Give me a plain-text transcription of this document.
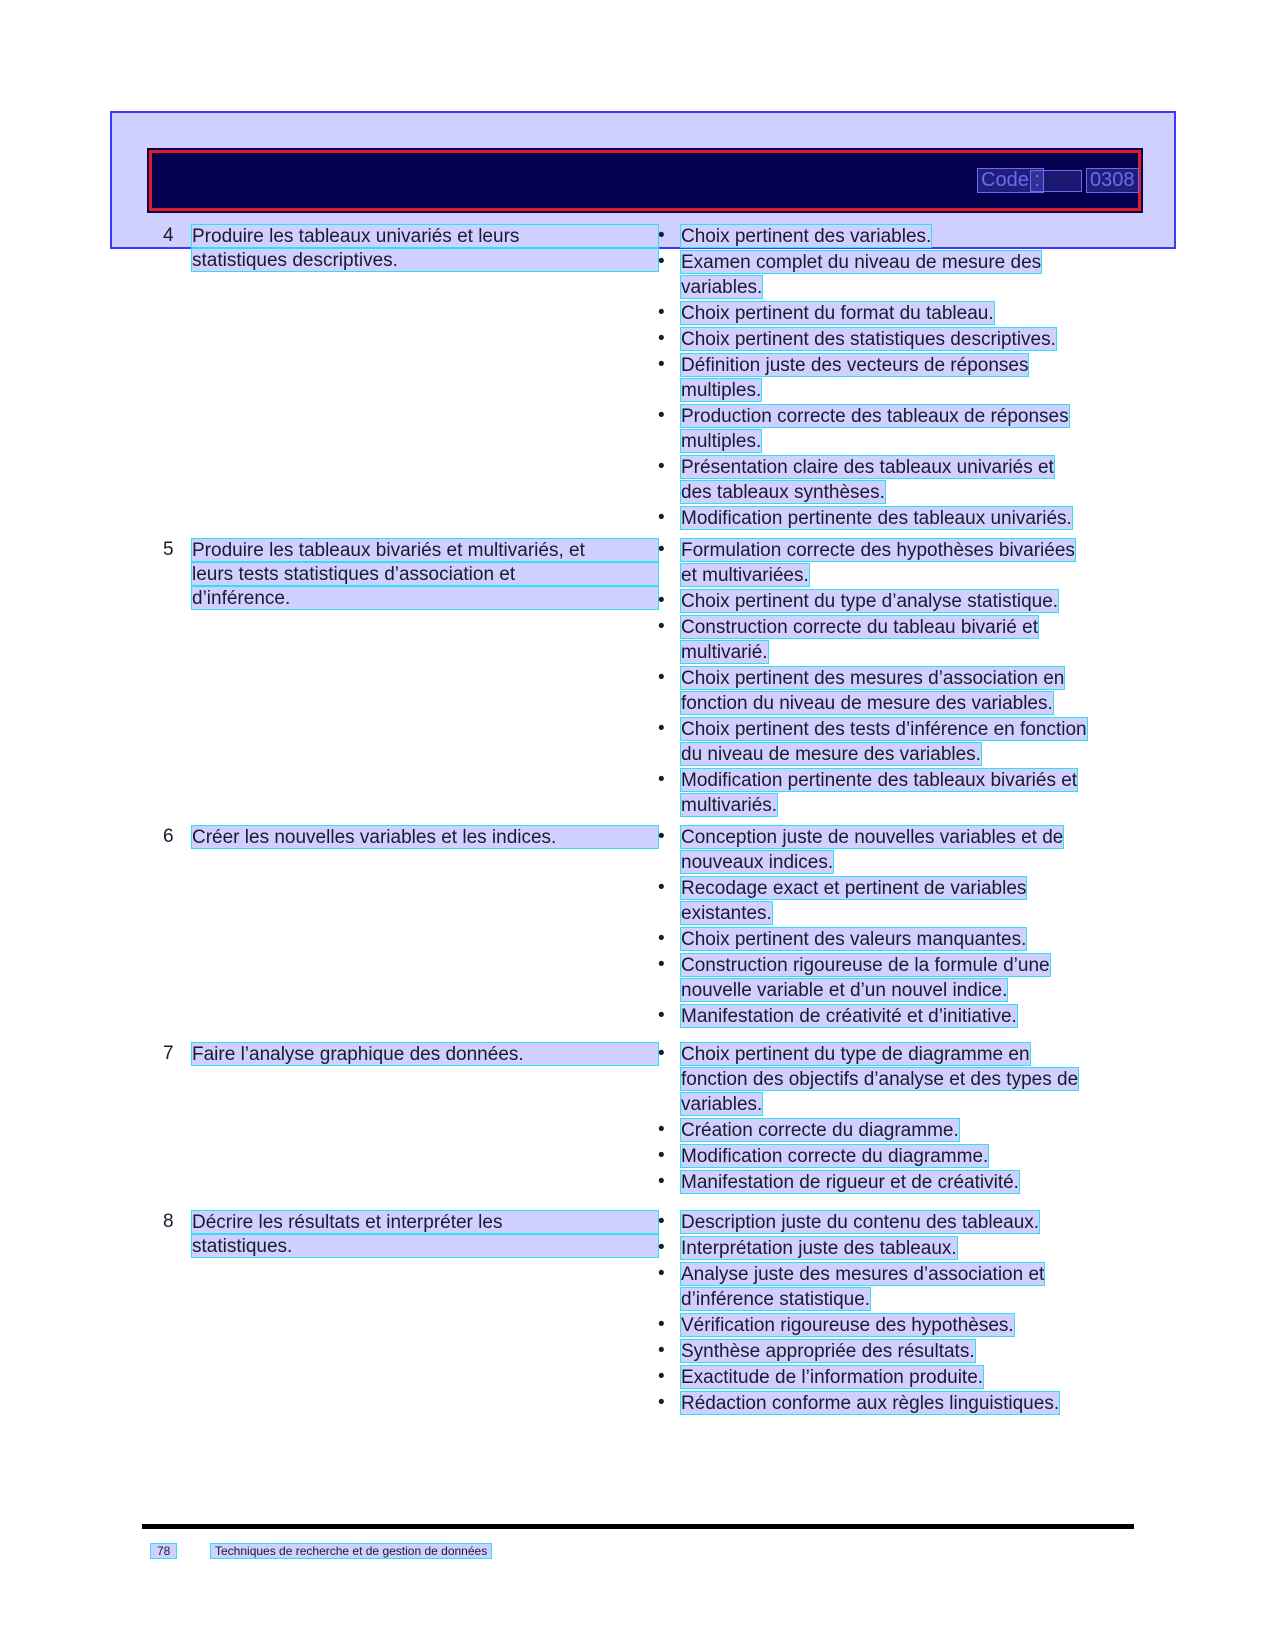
Code :	0308
4 Produire les tableaux univariés et leurs
statistiques descriptives.
• Choix pertinent des variables.
• Examen complet du niveau de mesure des
variables.
• Choix pertinent du format du tableau.
• Choix pertinent des statistiques descriptives.
• Définition juste des vecteurs de réponses
multiples.
• Production correcte des tableaux de réponses
multiples.
• Présentation claire des tableaux univariés et
des tableaux synthèses.
• Modification pertinente des tableaux univariés.
5 Produire les tableaux bivariés et multivariés, et
leurs tests statistiques d’association et
d’inférence.
• Formulation correcte des hypothèses bivariées
et multivariées.
• Choix pertinent du type d’analyse statistique.
• Construction correcte du tableau bivarié et
multivarié.
• Choix pertinent des mesures d’association en
fonction du niveau de mesure des variables.
• Choix pertinent des tests d’inférence en fonction
du niveau de mesure des variables.
• Modification pertinente des tableaux bivariés et
multivariés.
6 Créer les nouvelles variables et les indices.	• Conception juste de nouvelles variables et de
nouveaux indices.
• Recodage exact et pertinent de variables
existantes.
• Choix pertinent des valeurs manquantes.
• Construction rigoureuse de la formule d’une
nouvelle variable et d’un nouvel indice.
• Manifestation de créativité et d’initiative.
7 Faire l’analyse graphique des données.	• Choix pertinent du type de diagramme en
fonction des objectifs d’analyse et des types de
variables.
• Création correcte du diagramme.
• Modification correcte du diagramme.
• Manifestation de rigueur et de créativité.
8 Décrire les résultats et interpréter les
statistiques.
• Description juste du contenu des tableaux.
• Interprétation juste des tableaux.
• Analyse juste des mesures d’association et
d’inférence statistique.
• Vérification rigoureuse des hypothèses.
• Synthèse appropriée des résultats.
• Exactitude de l’information produite.
• Rédaction conforme aux règles linguistiques.
78	Techniques de recherche et de gestion de données
